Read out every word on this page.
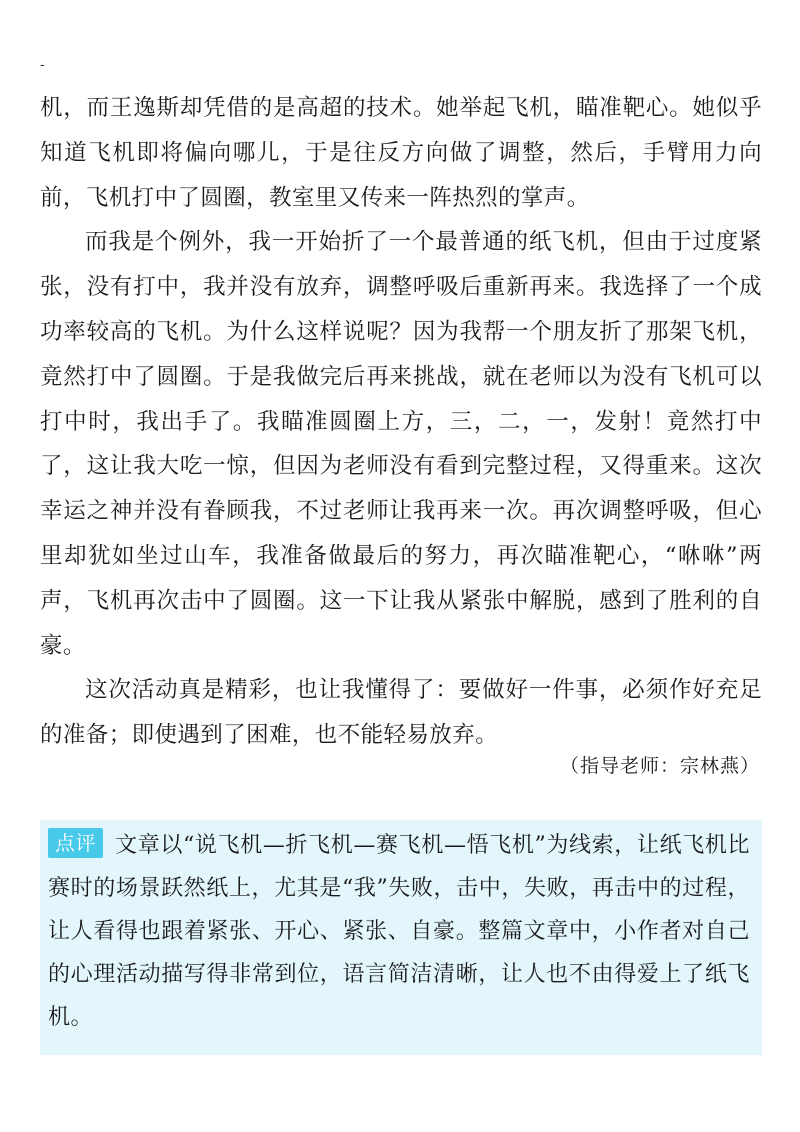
-

机，而王逸斯却凭借的是高超的技术。她举起飞机，瞄准靶心。她似乎知道飞机即将偏向哪儿，于是往反方向做了调整，然后，手臂用力向前，飞机打中了圆圈，教室里又传来一阵热烈的掌声。

而我是个例外，我一开始折了一个最普通的纸飞机，但由于过度紧张，没有打中，我并没有放弃，调整呼吸后重新再来。我选择了一个成功率较高的飞机。为什么这样说呢？因为我帮一个朋友折了那架飞机，竟然打中了圆圈。于是我做完后再来挑战，就在老师以为没有飞机可以打中时，我出手了。我瞄准圆圈上方，三，二，一，发射！竟然打中了，这让我大吃一惊，但因为老师没有看到完整过程，又得重来。这次幸运之神并没有眷顾我，不过老师让我再来一次。再次调整呼吸，但心里却犹如坐过山车，我准备做最后的努力，再次瞄准靶心，“咻咻”两声，飞机再次击中了圆圈。这一下让我从紧张中解脱，感到了胜利的自豪。

这次活动真是精彩，也让我懂得了：要做好一件事，必须作好充足的准备；即使遇到了困难，也不能轻易放弃。

（指导老师：宗林燕）

点评 文章以“说飞机—折飞机—赛飞机—悟飞机”为线索，让纸飞机比赛时的场景跃然纸上，尤其是“我”失败，击中，失败，再击中的过程，让人看得也跟着紧张、开心、紧张、自豪。整篇文章中，小作者对自己的心理活动描写得非常到位，语言简洁清晰，让人也不由得爱上了纸飞机。
